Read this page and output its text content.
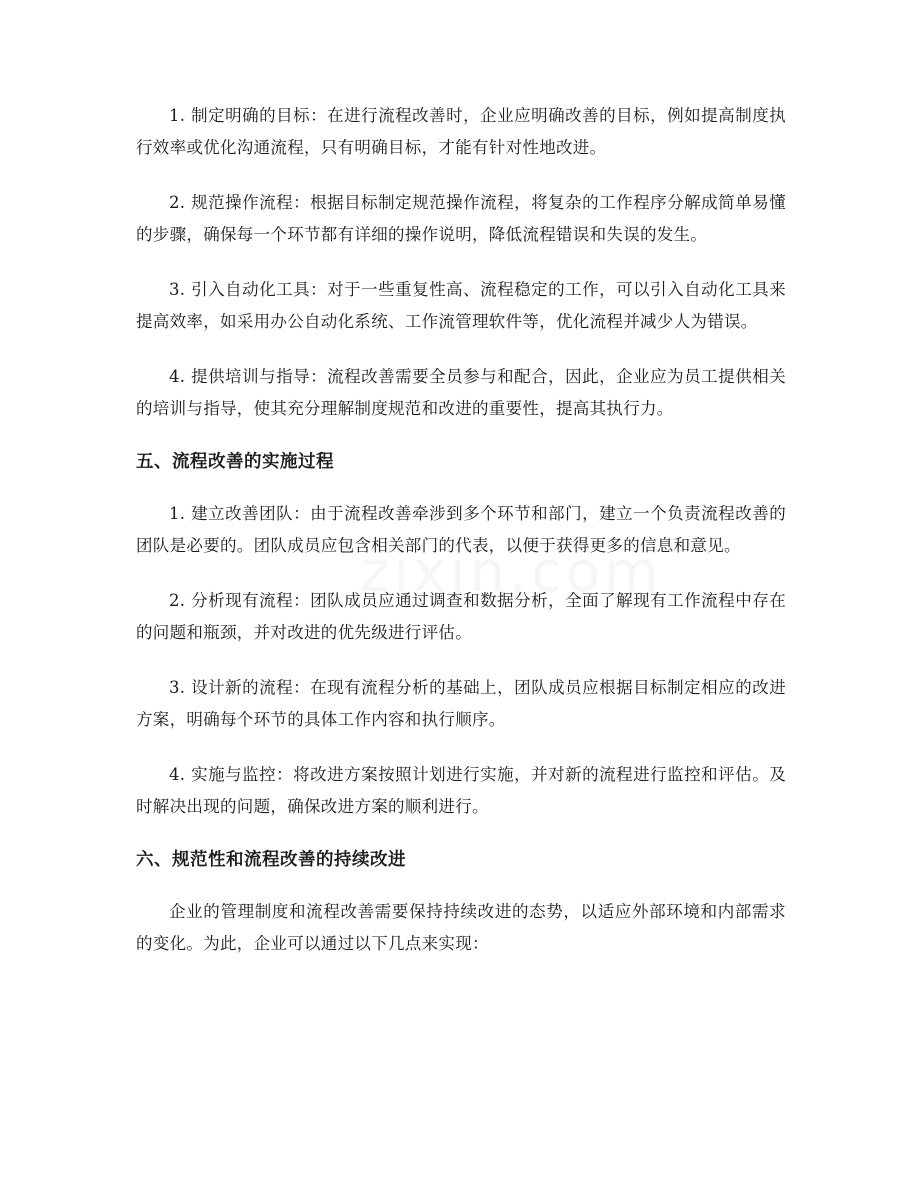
1. 制定明确的目标：在进行流程改善时，企业应明确改善的目标，例如提高制度执行效率或优化沟通流程，只有明确目标，才能有针对性地改进。

2. 规范操作流程：根据目标制定规范操作流程，将复杂的工作程序分解成简单易懂的步骤，确保每一个环节都有详细的操作说明，降低流程错误和失误的发生。

3. 引入自动化工具：对于一些重复性高、流程稳定的工作，可以引入自动化工具来提高效率，如采用办公自动化系统、工作流管理软件等，优化流程并减少人为错误。

4. 提供培训与指导：流程改善需要全员参与和配合，因此，企业应为员工提供相关的培训与指导，使其充分理解制度规范和改进的重要性，提高其执行力。

五、流程改善的实施过程

1. 建立改善团队：由于流程改善牵涉到多个环节和部门，建立一个负责流程改善的团队是必要的。团队成员应包含相关部门的代表，以便于获得更多的信息和意见。

2. 分析现有流程：团队成员应通过调查和数据分析，全面了解现有工作流程中存在的问题和瓶颈，并对改进的优先级进行评估。

3. 设计新的流程：在现有流程分析的基础上，团队成员应根据目标制定相应的改进方案，明确每个环节的具体工作内容和执行顺序。

4. 实施与监控：将改进方案按照计划进行实施，并对新的流程进行监控和评估。及时解决出现的问题，确保改进方案的顺利进行。

六、规范性和流程改善的持续改进

企业的管理制度和流程改善需要保持持续改进的态势，以适应外部环境和内部需求的变化。为此，企业可以通过以下几点来实现：
